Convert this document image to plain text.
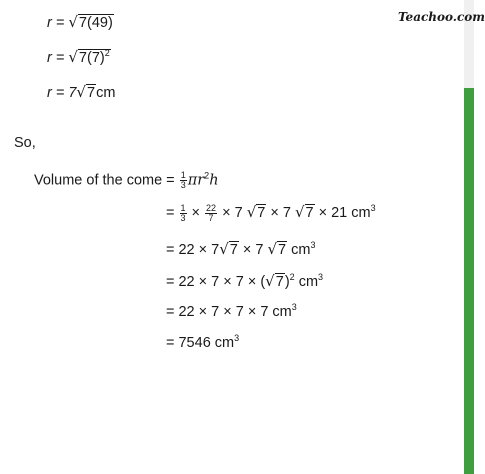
Teachoo.com
r = √7(49)
$r = √7(7)^2$
r = 7√7cm
So,
Volume of the come = $\frac{1}{3} \pi r^2h$
= $\frac{1}{3} \times \frac{22}{7} \times 7$ √7 × 7 √7 × 21 $cm^3$
= 22 × 7√7 × 7 √7 $cm^3$
= $22 \times 7 \times 7 \times (√7)^2$ $cm^3$
= 22 × 7 × 7 × 7 $cm^3$
= 7546 $cm^3$
